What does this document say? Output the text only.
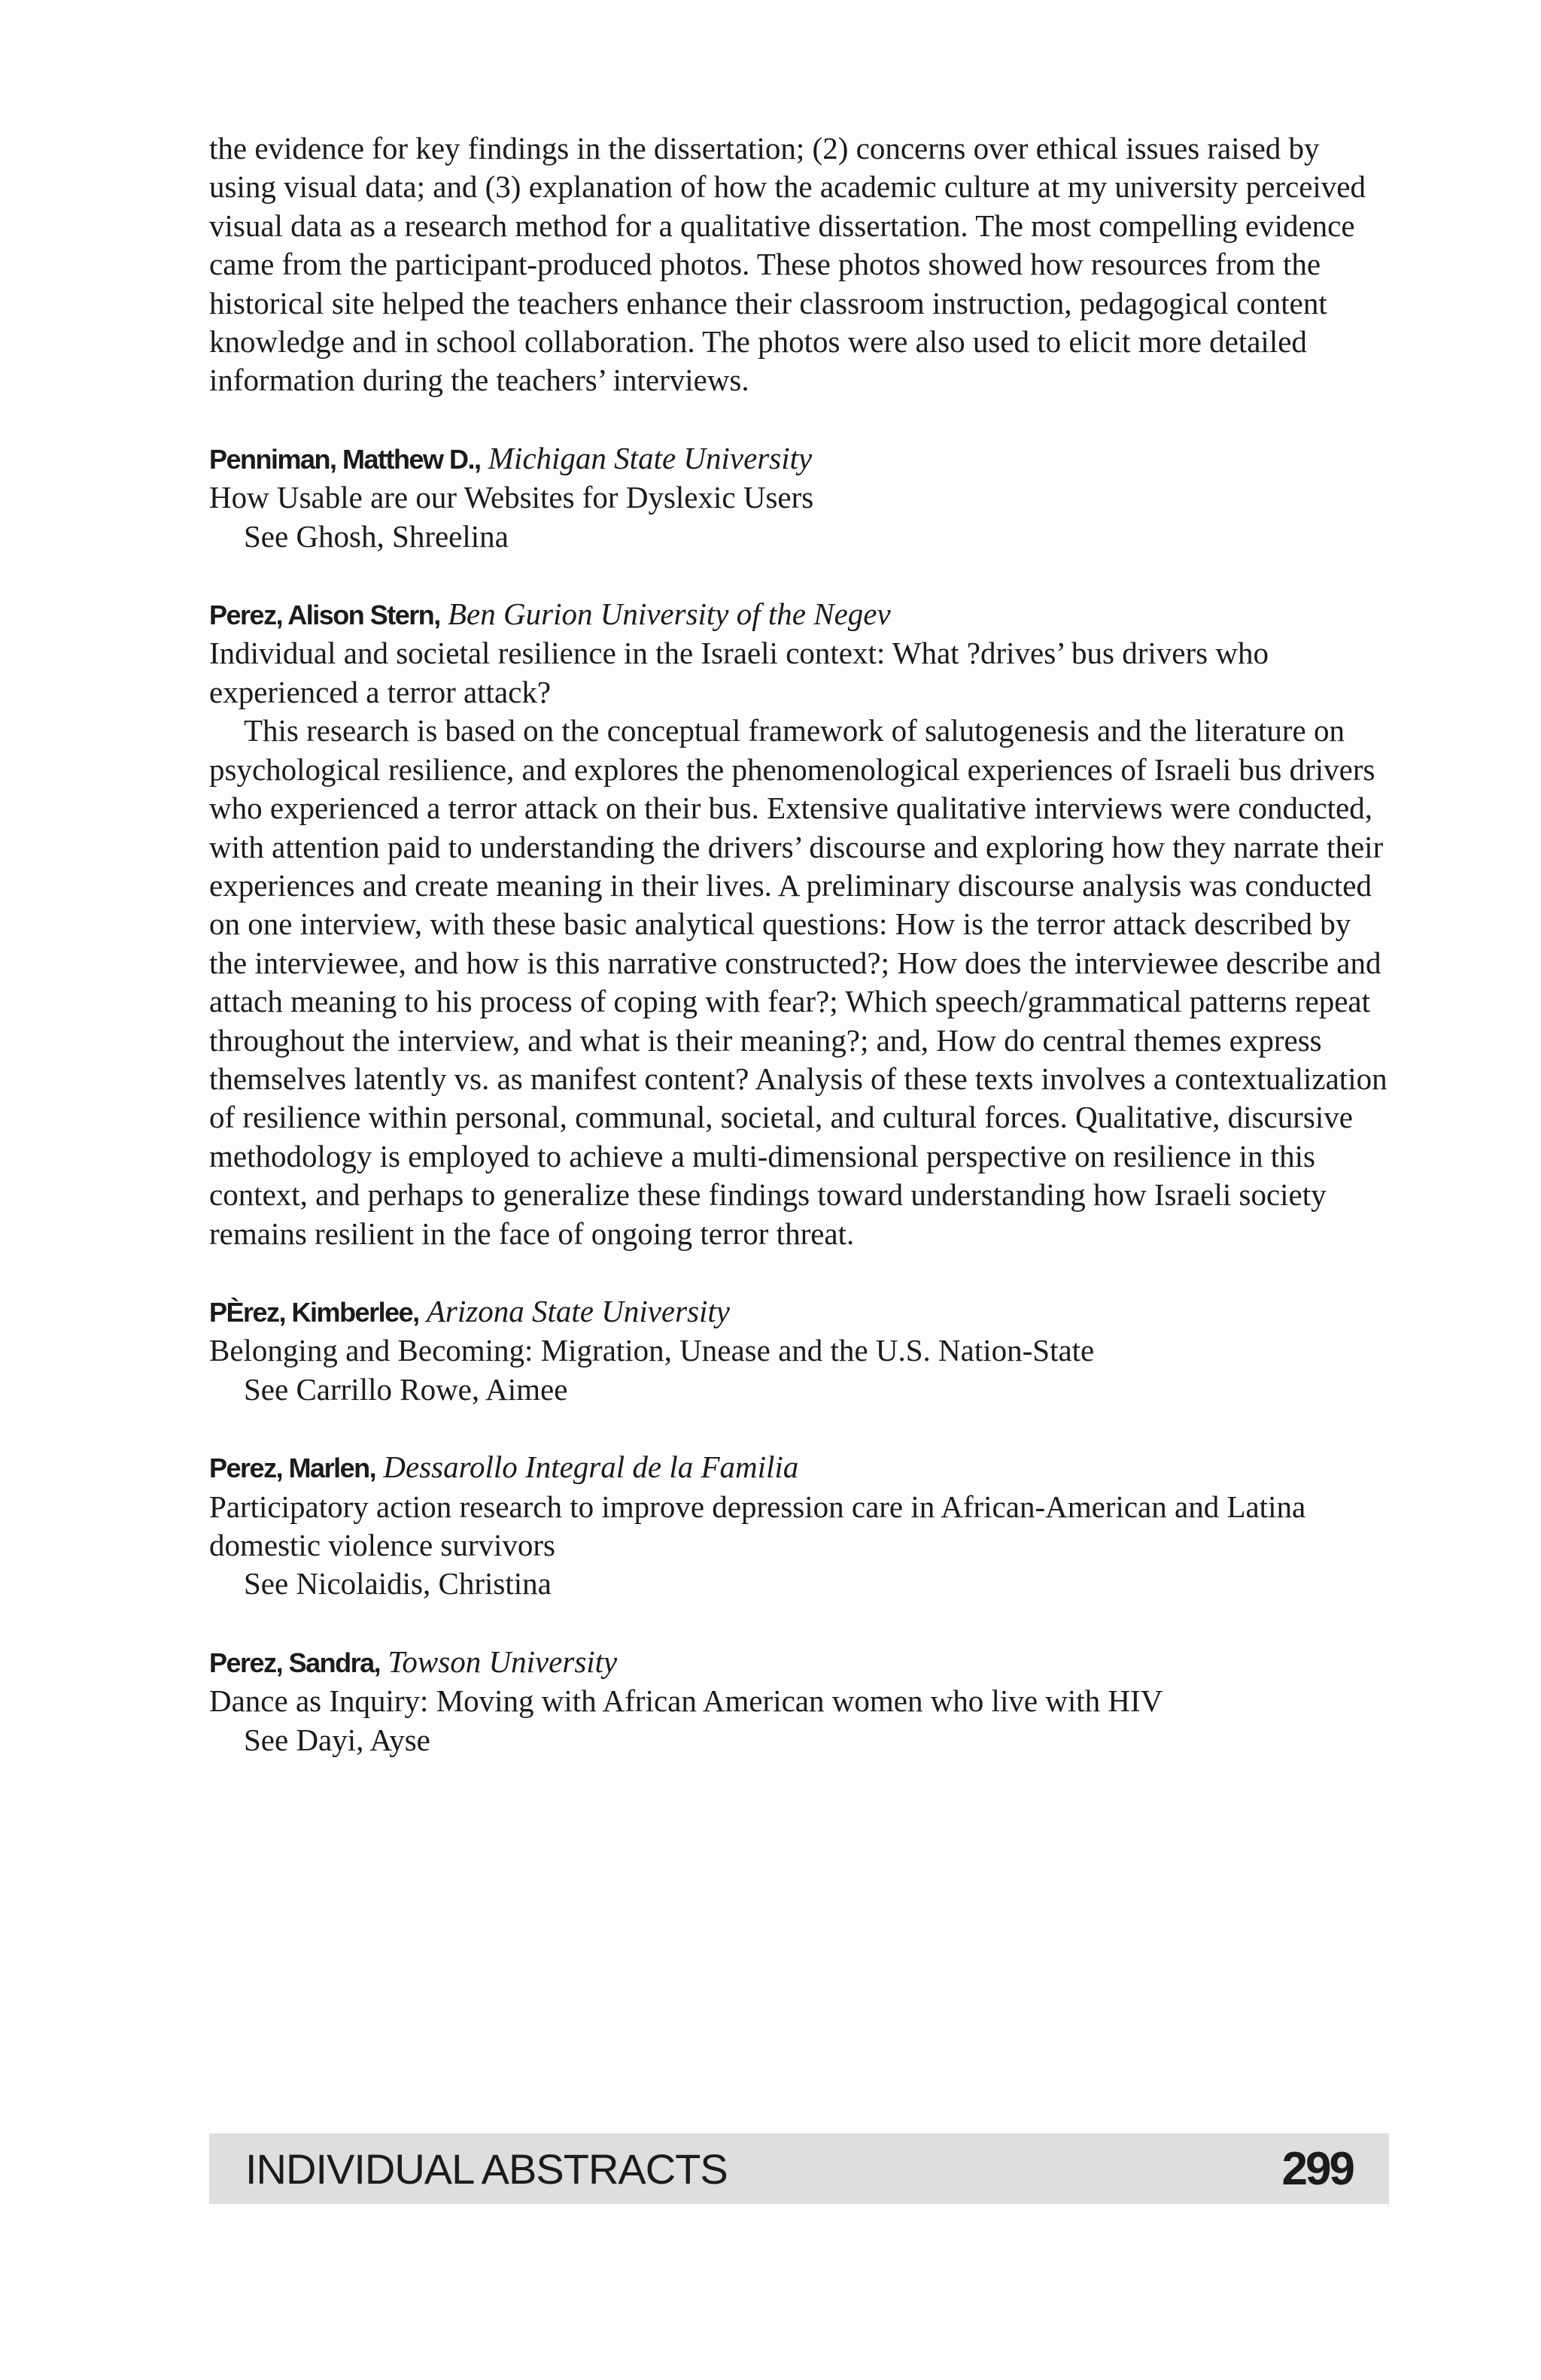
the evidence for key findings in the dissertation; (2) concerns over ethical issues raised by using visual data; and (3) explanation of how the academic culture at my university perceived visual data as a research method for a qualitative dissertation. The most compelling evidence came from the participant-produced photos. These photos showed how resources from the historical site helped the teachers enhance their classroom instruction, pedagogical content knowledge and in school collaboration. The photos were also used to elicit more detailed information during the teachers’ interviews.

Penniman, Matthew D., Michigan State University

How Usable are our Websites for Dyslexic Users

See Ghosh, Shreelina

Perez, Alison Stern, Ben Gurion University of the Negev

Individual and societal resilience in the Israeli context: What ?drives’ bus drivers who experienced a terror attack?

This research is based on the conceptual framework of salutogenesis and the literature on psychological resilience, and explores the phenomenological experiences of Israeli bus drivers who experienced a terror attack on their bus. Extensive qualitative interviews were conducted, with attention paid to understanding the drivers’ discourse and exploring how they narrate their experiences and create meaning in their lives. A preliminary discourse analysis was conducted on one interview, with these basic analytical questions: How is the terror attack described by the interviewee, and how is this narrative constructed?; How does the interviewee describe and attach meaning to his process of coping with fear?; Which speech/grammatical patterns repeat throughout the interview, and what is their meaning?; and, How do central themes express themselves latently vs. as manifest content? Analysis of these texts involves a contextualization of resilience within personal, communal, societal, and cultural forces. Qualitative, discursive methodology is employed to achieve a multi-dimensional perspective on resilience in this context, and perhaps to generalize these findings toward understanding how Israeli society remains resilient in the face of ongoing terror threat.

PÈrez, Kimberlee, Arizona State University

Belonging and Becoming: Migration, Unease and the U.S. Nation-State

See Carrillo Rowe, Aimee

Perez, Marlen, Dessarollo Integral de la Familia

Participatory action research to improve depression care in African-American and Latina domestic violence survivors

See Nicolaidis, Christina

Perez, Sandra, Towson University

Dance as Inquiry: Moving with African American women who live with HIV

See Dayi, Ayse

INDIVIDUAL ABSTRACTS	299
